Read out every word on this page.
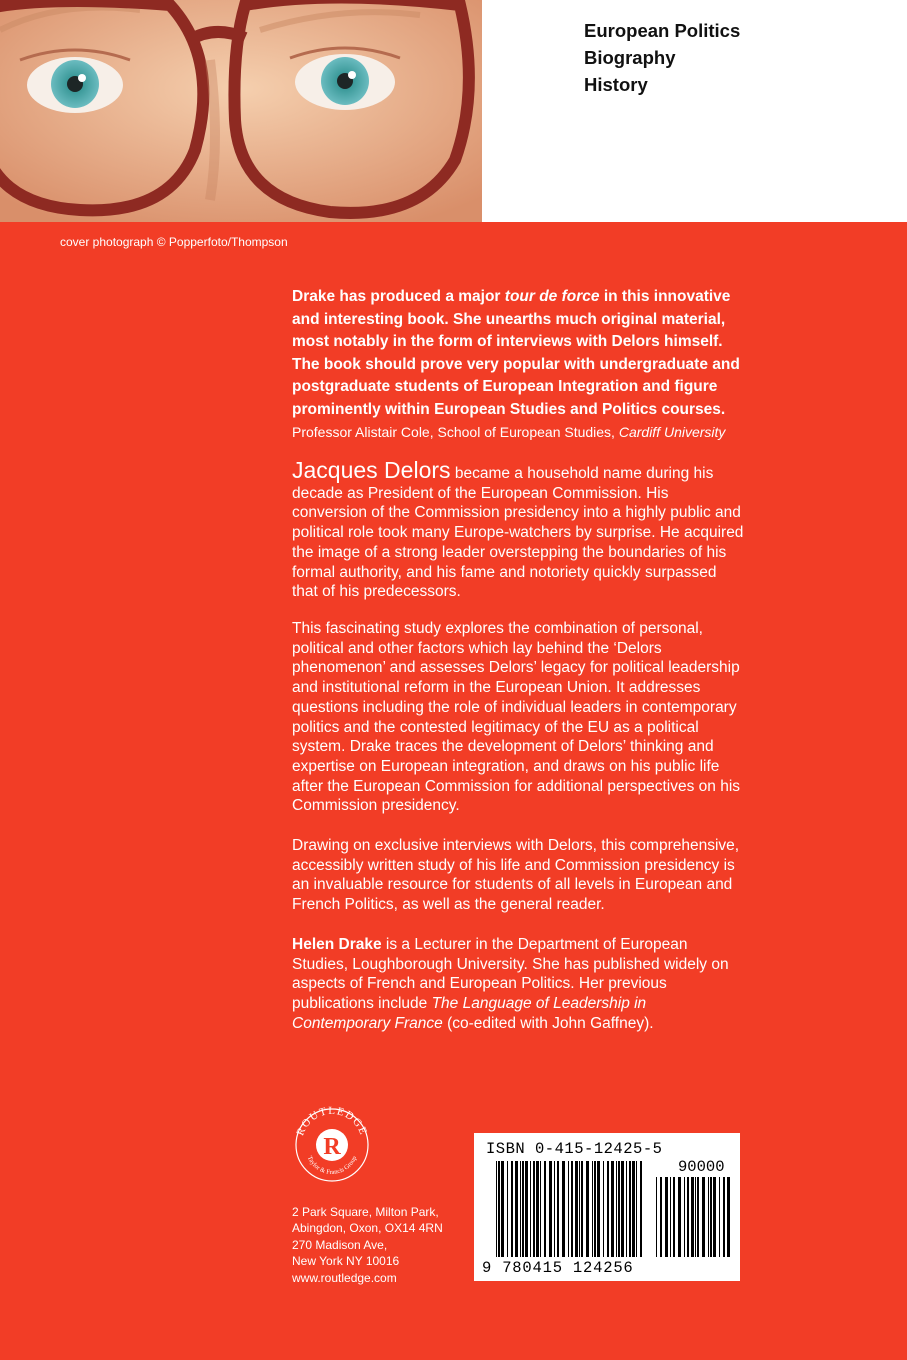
European Politics
Biography
History
cover photograph © Popperfoto/Thompson

Drake has produced a major tour de force in this innovative and interesting book. She unearths much original material, most notably in the form of interviews with Delors himself. The book should prove very popular with undergraduate and postgraduate students of European Integration and figure prominently within European Studies and Politics courses.

Professor Alistair Cole, School of European Studies, Cardiff University

Jacques Delors became a household name during his decade as President of the European Commission. His conversion of the Commission presidency into a highly public and political role took many Europe-watchers by surprise. He acquired the image of a strong leader overstepping the boundaries of his formal authority, and his fame and notoriety quickly surpassed that of his predecessors.

This fascinating study explores the combination of personal, political and other factors which lay behind the ‘Delors phenomenon’ and assesses Delors’ legacy for political leadership and institutional reform in the European Union. It addresses questions including the role of individual leaders in contemporary politics and the contested legitimacy of the EU as a political system. Drake traces the development of Delors’ thinking and expertise on European integration, and draws on his public life after the European Commission for additional perspectives on his Commission presidency.

Drawing on exclusive interviews with Delors, this comprehensive, accessibly written study of his life and Commission presidency is an invaluable resource for students of all levels in European and French Politics, as well as the general reader.

Helen Drake is a Lecturer in the Department of European Studies, Loughborough University. She has published widely on aspects of French and European Politics. Her previous publications include The Language of Leadership in Contemporary France (co-edited with John Gaffney).

R
ROUTLEDGE
Taylor & Francis Group
2 Park Square, Milton Park,
Abingdon, Oxon, OX14 4RN
270 Madison Ave,
New York NY 10016
www.routledge.com
ISBN 0-415-12425-5
90000
9 780415 124256
